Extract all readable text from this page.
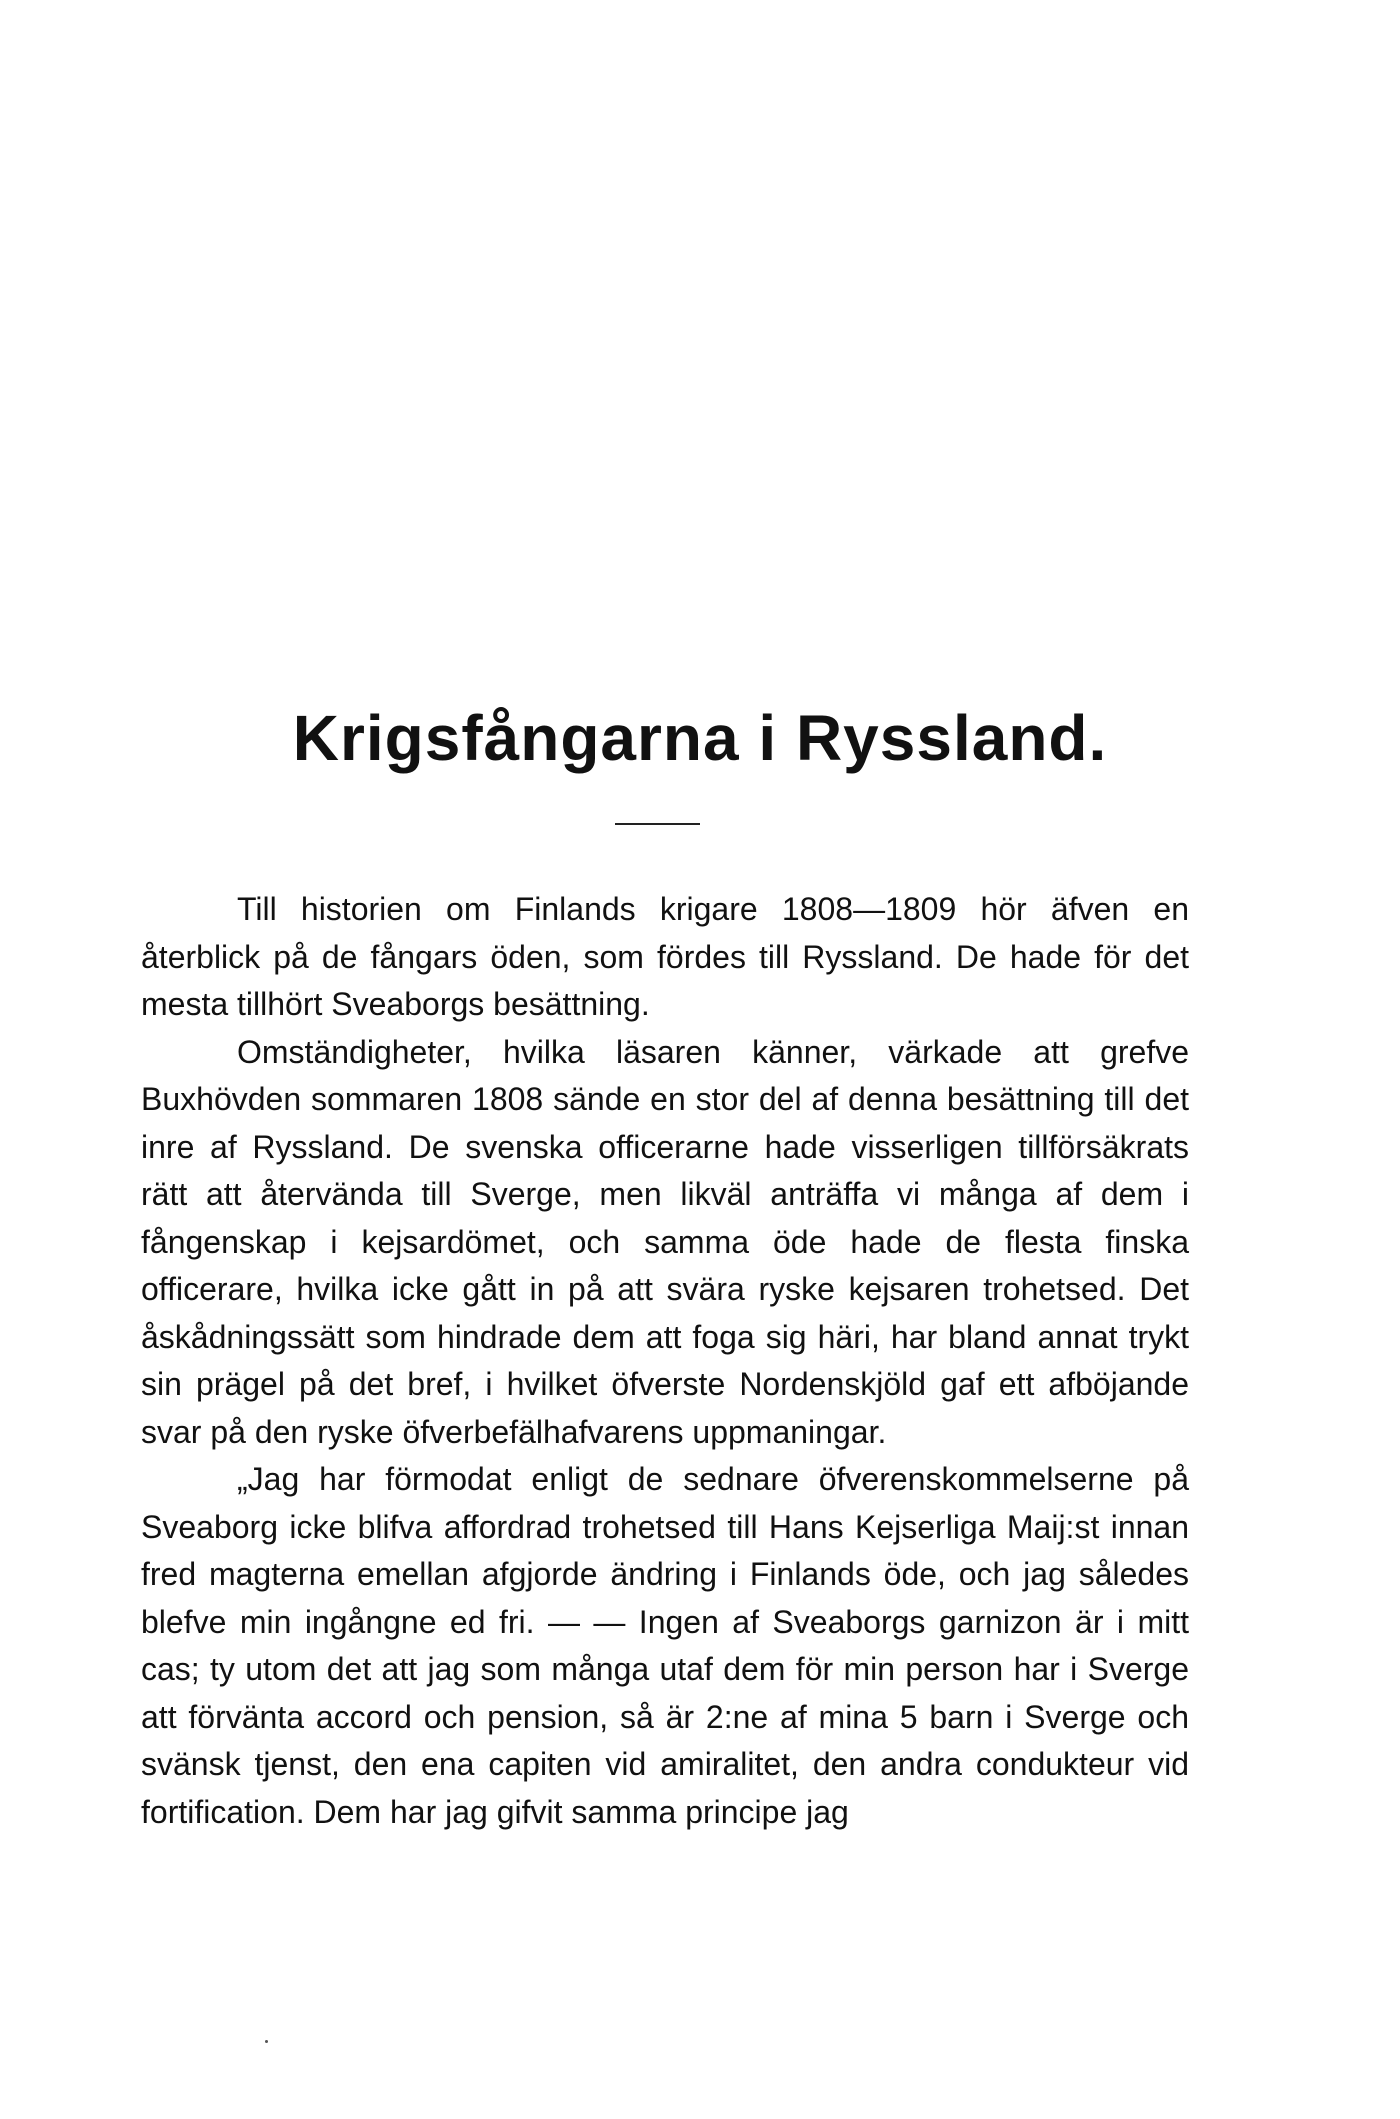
Krigsfångarna i Ryssland.

Till historien om Finlands krigare 1808—1809 hör äfven en återblick på de fångars öden, som fördes till Ryssland. De hade för det mesta tillhört Sveaborgs besättning.

Omständigheter, hvilka läsaren känner, värkade att grefve Buxhövden sommaren 1808 sände en stor del af denna besättning till det inre af Ryssland. De svenska officerarne hade visserligen tillförsäkrats rätt att återvända till Sverge, men likväl anträffa vi många af dem i fångenskap i kejsardömet, och samma öde hade de flesta finska officerare, hvilka icke gått in på att svära ryske kejsaren trohetsed. Det åskådningssätt som hindrade dem att foga sig häri, har bland annat trykt sin prägel på det bref, i hvilket öfverste Nordenskjöld gaf ett afböjande svar på den ryske öfverbefälhafvarens uppmaningar.

„Jag har förmodat enligt de sednare öfverenskommelserne på Sveaborg icke blifva affordrad trohetsed till Hans Kejserliga Maij:st innan fred magterna emellan afgjorde ändring i Finlands öde, och jag således blefve min ingångne ed fri. — — Ingen af Sveaborgs garnizon är i mitt cas; ty utom det att jag som många utaf dem för min person har i Sverge att förvänta accord och pension, så är 2:ne af mina 5 barn i Sverge och svänsk tjenst, den ena capiten vid amiralitet, den andra condukteur vid fortification. Dem har jag gifvit samma principe jag
